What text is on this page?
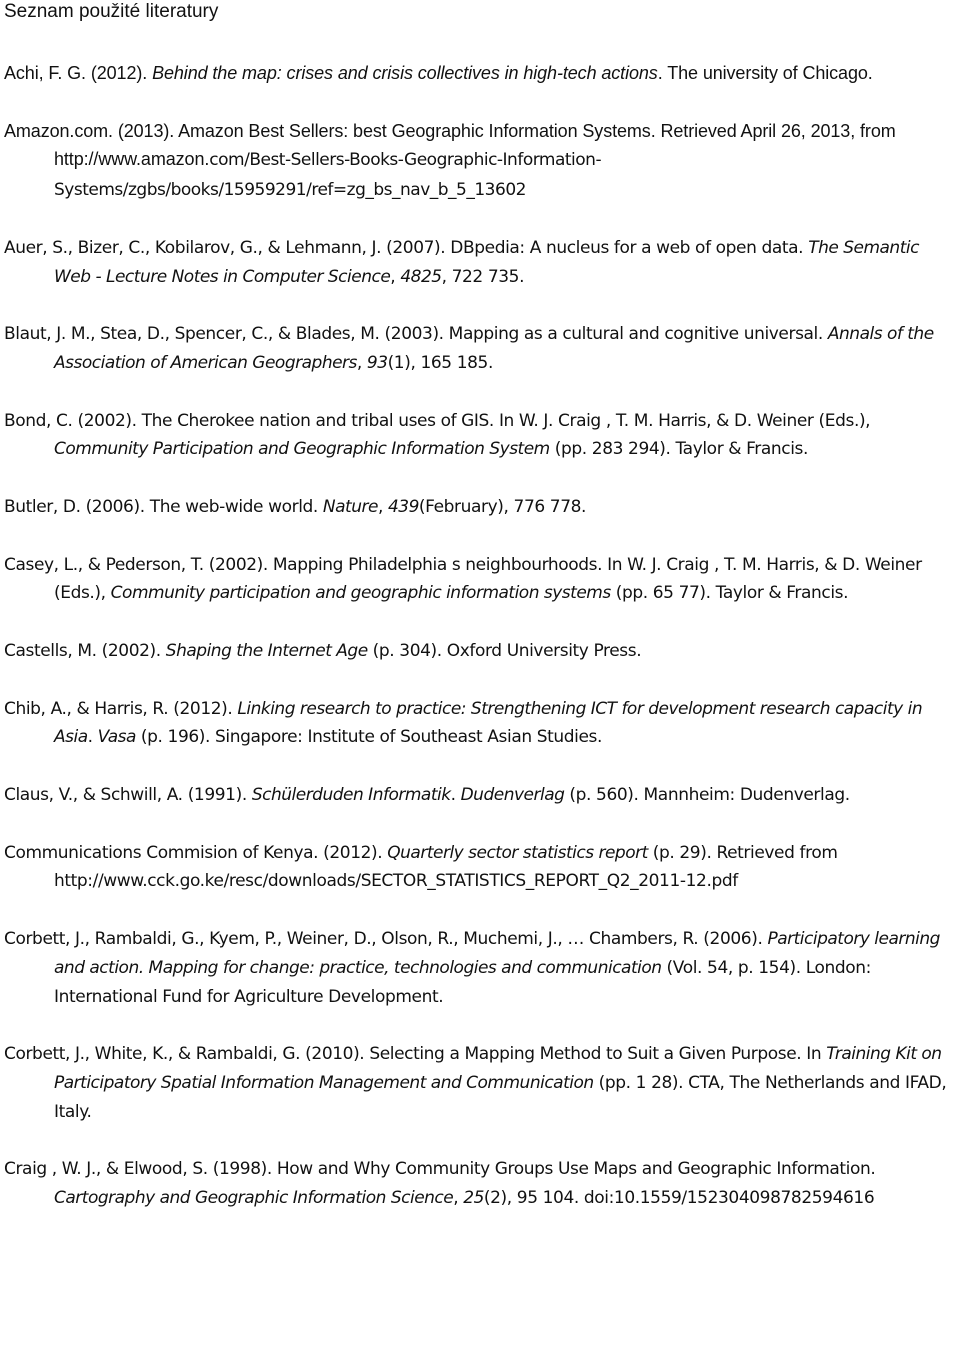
Seznam použité literatury
Achi, F. G. (2012). Behind the map: crises and crisis collectives in high-tech actions. The university of Chicago.
Amazon.com. (2013). Amazon Best Sellers: best Geographic Information Systems. Retrieved April 26, 2013, from http://www.amazon.com/Best-Sellers-Books-Geographic-Information-Systems/zgbs/books/15959291/ref=zg_bs_nav_b_5_13602
Auer, S., Bizer, C., Kobilarov, G., & Lehmann, J. (2007). DBpedia: A nucleus for a web of open data. The Semantic Web - Lecture Notes in Computer Science, 4825, 722 735.
Blaut, J. M., Stea, D., Spencer, C., & Blades, M. (2003). Mapping as a cultural and cognitive universal. Annals of the Association of American Geographers, 93(1), 165 185.
Bond, C. (2002). The Cherokee nation and tribal uses of GIS. In W. J. Craig , T. M. Harris, & D. Weiner (Eds.), Community Participation and Geographic Information System (pp. 283 294). Taylor & Francis.
Butler, D. (2006). The web-wide world. Nature, 439(February), 776 778.
Casey, L., & Pederson, T. (2002). Mapping Philadelphia s neighbourhoods. In W. J. Craig , T. M. Harris, & D. Weiner (Eds.), Community participation and geographic information systems (pp. 65 77). Taylor & Francis.
Castells, M. (2002). Shaping the Internet Age (p. 304). Oxford University Press.
Chib, A., & Harris, R. (2012). Linking research to practice: Strengthening ICT for development research capacity in Asia. Vasa (p. 196). Singapore: Institute of Southeast Asian Studies.
Claus, V., & Schwill, A. (1991). Schülerduden Informatik. Dudenverlag (p. 560). Mannheim: Dudenverlag.
Communications Commision of Kenya. (2012). Quarterly sector statistics report (p. 29). Retrieved from http://www.cck.go.ke/resc/downloads/SECTOR_STATISTICS_REPORT_Q2_2011-12.pdf
Corbett, J., Rambaldi, G., Kyem, P., Weiner, D., Olson, R., Muchemi, J., … Chambers, R. (2006). Participatory learning and action. Mapping for change: practice, technologies and communication (Vol. 54, p. 154). London: International Fund for Agriculture Development.
Corbett, J., White, K., & Rambaldi, G. (2010). Selecting a Mapping Method to Suit a Given Purpose. In Training Kit on Participatory Spatial Information Management and Communication (pp. 1 28). CTA, The Netherlands and IFAD, Italy.
Craig , W. J., & Elwood, S. (1998). How and Why Community Groups Use Maps and Geographic Information. Cartography and Geographic Information Science, 25(2), 95 104. doi:10.1559/152304098782594616
